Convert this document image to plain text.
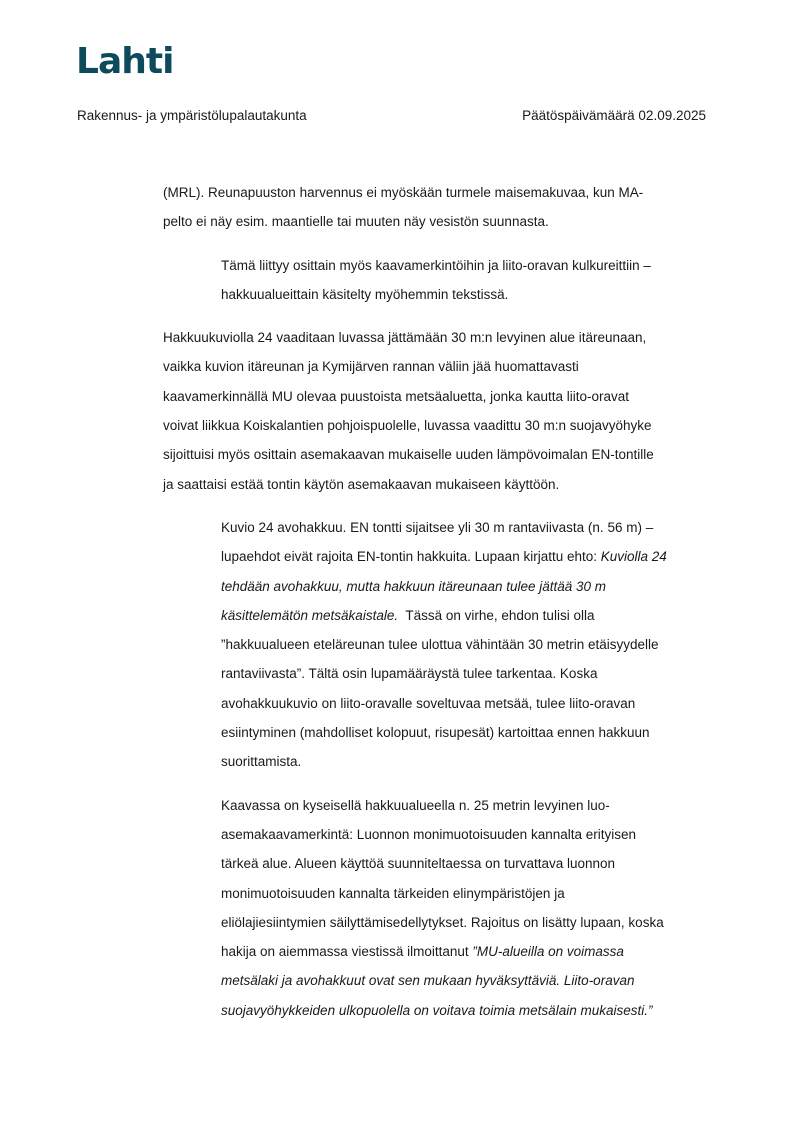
Lahti
Rakennus- ja ympäristölupalautakunta	Päätöspäivämäärä 02.09.2025

(MRL). Reunapuuston harvennus ei myöskään turmele maisemakuvaa, kun MA-
pelto ei näy esim. maantielle tai muuten näy vesistön suunnasta.

Tämä liittyy osittain myös kaavamerkintöihin ja liito-oravan kulkureittiin –
hakkuualueittain käsitelty myöhemmin tekstissä.

Hakkuukuviolla 24 vaaditaan luvassa jättämään 30 m:n levyinen alue itäreunaan,
vaikka kuvion itäreunan ja Kymijärven rannan väliin jää huomattavasti
kaavamerkinnällä MU olevaa puustoista metsäaluetta, jonka kautta liito-oravat
voivat liikkua Koiskalantien pohjoispuolelle, luvassa vaadittu 30 m:n suojavyöhyke
sijoittuisi myös osittain asemakaavan mukaiselle uuden lämpövoimalan EN-tontille
ja saattaisi estää tontin käytön asemakaavan mukaiseen käyttöön.

Kuvio 24 avohakkuu. EN tontti sijaitsee yli 30 m rantaviivasta (n. 56 m) –
lupaehdot eivät rajoita EN-tontin hakkuita. Lupaan kirjattu ehto: Kuviolla 24
tehdään avohakkuu, mutta hakkuun itäreunaan tulee jättää 30 m
käsittelemätön metsäkaistale.  Tässä on virhe, ehdon tulisi olla
”hakkuualueen eteläreunan tulee ulottua vähintään 30 metrin etäisyydelle
rantaviivasta”. Tältä osin lupamääräystä tulee tarkentaa. Koska
avohakkuukuvio on liito-oravalle soveltuvaa metsää, tulee liito-oravan
esiintyminen (mahdolliset kolopuut, risupesät) kartoittaa ennen hakkuun
suorittamista.

Kaavassa on kyseisellä hakkuualueella n. 25 metrin levyinen luo-
asemakaavamerkintä: Luonnon monimuotoisuuden kannalta erityisen
tärkeä alue. Alueen käyttöä suunniteltaessa on turvattava luonnon
monimuotoisuuden kannalta tärkeiden elinympäristöjen ja
eliölajiesiintymien säilyttämisedellytykset. Rajoitus on lisätty lupaan, koska
hakija on aiemmassa viestissä ilmoittanut ”MU-alueilla on voimassa
metsälaki ja avohakkuut ovat sen mukaan hyväksyttäviä. Liito-oravan
suojavyöhykkeiden ulkopuolella on voitava toimia metsälain mukaisesti.”
